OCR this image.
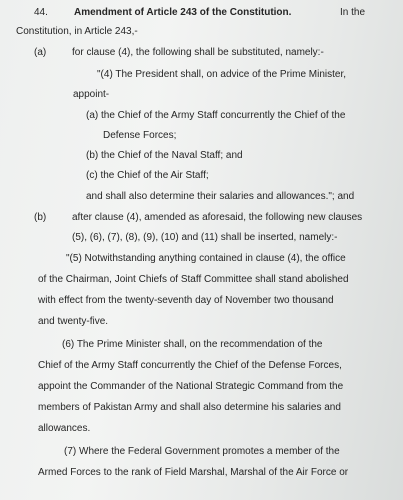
44.	Amendment of Article 243 of the Constitution.	In the
Constitution, in Article 243,-
(a)	for clause (4), the following shall be substituted, namely:-
"(4) The President shall, on advice of the Prime Minister,
appoint-
(a) the Chief of the Army Staff concurrently the Chief of the
Defense Forces;
(b) the Chief of the Naval Staff; and
(c) the Chief of the Air Staff;
and shall also determine their salaries and allowances."; and
(b)	after clause (4), amended as aforesaid, the following new clauses
(5), (6), (7), (8), (9), (10) and (11) shall be inserted, namely:-
"(5) Notwithstanding anything contained in clause (4), the office
of the Chairman, Joint Chiefs of Staff Committee shall stand abolished
with effect from the twenty-seventh day of November two thousand
and twenty-five.
(6) The Prime Minister shall, on the recommendation of the
Chief of the Army Staff concurrently the Chief of the Defense Forces,
appoint the Commander of the National Strategic Command from the
members of Pakistan Army and shall also determine his salaries and
allowances.
(7) Where the Federal Government promotes a member of the
Armed Forces to the rank of Field Marshal, Marshal of the Air Force or
